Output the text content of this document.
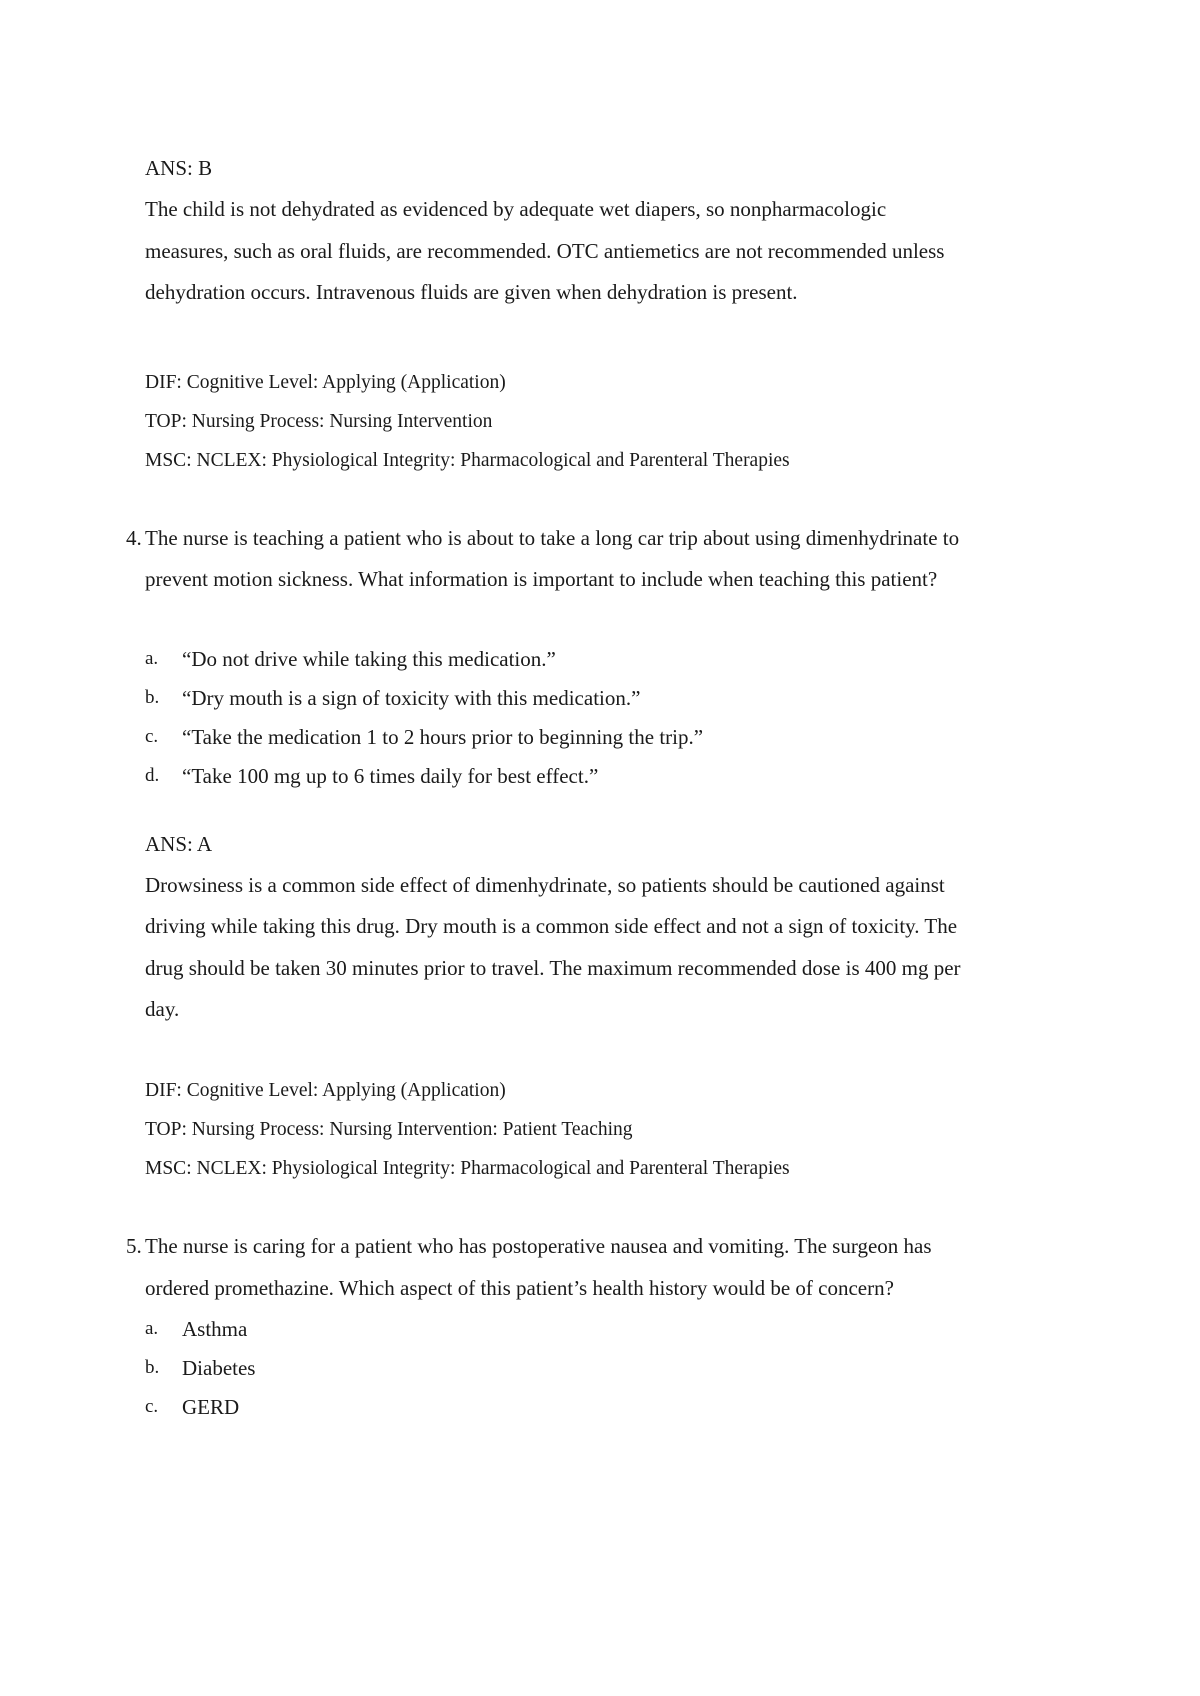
ANS: B
The child is not dehydrated as evidenced by adequate wet diapers, so nonpharmacologic
measures, such as oral fluids, are recommended. OTC antiemetics are not recommended unless
dehydration occurs. Intravenous fluids are given when dehydration is present.
DIF: Cognitive Level: Applying (Application)
TOP: Nursing Process: Nursing Intervention
MSC: NCLEX: Physiological Integrity: Pharmacological and Parenteral Therapies
4. The nurse is teaching a patient who is about to take a long car trip about using dimenhydrinate to
prevent motion sickness. What information is important to include when teaching this patient?
a. “Do not drive while taking this medication.”
b. “Dry mouth is a sign of toxicity with this medication.”
c. “Take the medication 1 to 2 hours prior to beginning the trip.”
d. “Take 100 mg up to 6 times daily for best effect.”
ANS: A
Drowsiness is a common side effect of dimenhydrinate, so patients should be cautioned against
driving while taking this drug. Dry mouth is a common side effect and not a sign of toxicity. The
drug should be taken 30 minutes prior to travel. The maximum recommended dose is 400 mg per
day.
DIF: Cognitive Level: Applying (Application)
TOP: Nursing Process: Nursing Intervention: Patient Teaching
MSC: NCLEX: Physiological Integrity: Pharmacological and Parenteral Therapies
5. The nurse is caring for a patient who has postoperative nausea and vomiting. The surgeon has
ordered promethazine. Which aspect of this patient’s health history would be of concern?
a. Asthma
b. Diabetes
c. GERD
